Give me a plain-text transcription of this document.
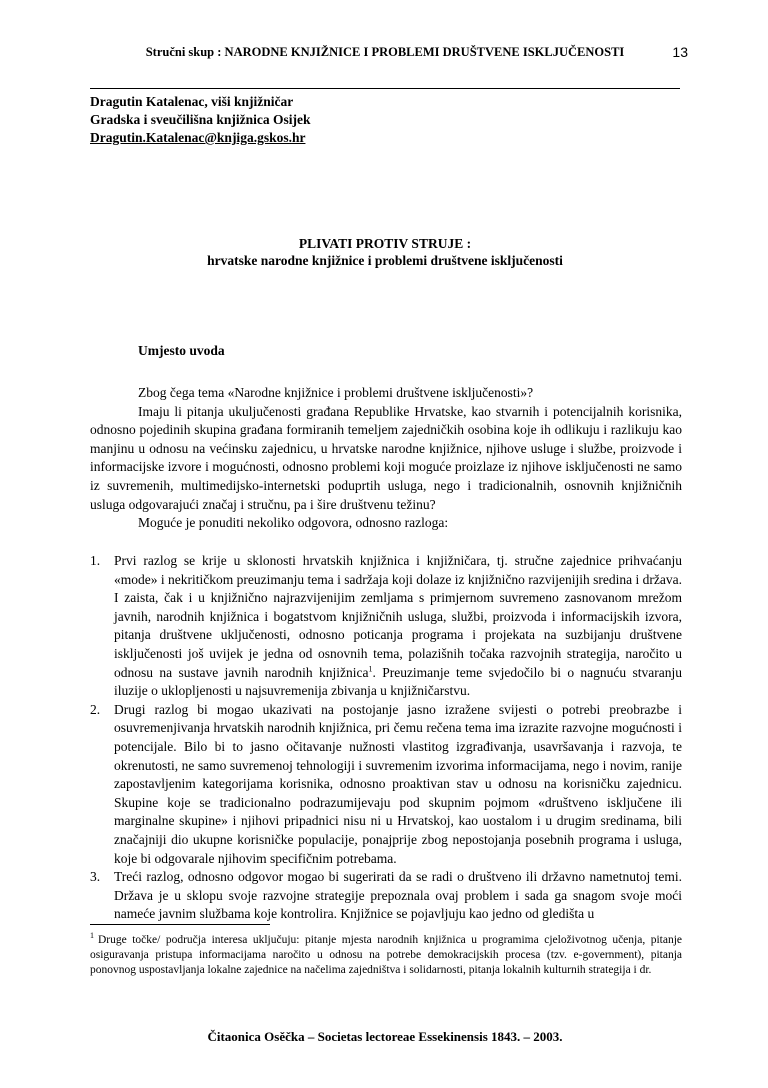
Stručni skup : NARODNE KNJIŽNICE I PROBLEMI DRUŠTVENE ISKLJUČENOSTI	13
Dragutin Katalenac, viši knjižničar
Gradska i sveučilišna knjižnica Osijek
Dragutin.Katalenac@knjiga.gskos.hr
PLIVATI PROTIV STRUJE :
hrvatske narodne knjižnice i problemi društvene isključenosti
Umjesto uvoda

Zbog čega tema «Narodne knjižnice i problemi društvene isključenosti»?

Imaju li pitanja ukuljučenosti građana Republike Hrvatske, kao stvarnih i potencijalnih korisnika, odnosno pojedinih skupina građana formiranih temeljem zajedničkih osobina koje ih odlikuju i razlikuju kao manjinu u odnosu na većinsku zajednicu, u hrvatske narodne knjižnice, njihove usluge i službe, proizvode i informacijske izvore i mogućnosti, odnosno problemi koji moguće proizlaze iz njihove isključenosti ne samo iz suvremenih, multimedijsko-internetski poduprtih usluga, nego i tradicionalnih, osnovnih knjižničnih usluga odgovarajući značaj i stručnu, pa i šire društvenu težinu?

Moguće je ponuditi nekoliko odgovora, odnosno razloga:

1.	Prvi razlog se krije u sklonosti hrvatskih knjižnica i knjižničara, tj. stručne zajednice prihvaćanju «mode» i nekritičkom preuzimanju tema i sadržaja koji dolaze iz knjižnično razvijenijih sredina i država. I zaista, čak i u knjižnično najrazvijenijim zemljama s primjernom suvremeno zasnovanom mrežom javnih, narodnih knjižnica i bogatstvom knjižničnih usluga, službi, proizvoda i informacijskih izvora, pitanja društvene uključenosti, odnosno poticanja programa i projekata na suzbijanju društvene isključenosti još uvijek je jedna od osnovnih tema, polazišnih točaka razvojnih strategija, naročito u odnosu na sustave javnih narodnih knjižnica$^1$. Preuzimanje teme svjedočilo bi o nagnuću stvaranju iluzije o uklopljenosti u najsuvremenija zbivanja u knjižničarstvu.
2.	Drugi razlog bi mogao ukazivati na postojanje jasno izražene svijesti o potrebi preobrazbe i osuvremenjivanja hrvatskih narodnih knjižnica, pri čemu rečena tema ima izrazite razvojne mogućnosti i potencijale. Bilo bi to jasno očitavanje nužnosti vlastitog izgrađivanja, usavršavanja i razvoja, te okrenutosti, ne samo suvremenoj tehnologiji i suvremenim izvorima informacijama, nego i novim, ranije zapostavljenim kategorijama korisnika, odnosno proaktivan stav u odnosu na korisničku zajednicu. Skupine koje se tradicionalno podrazumijevaju pod skupnim pojmom «društveno isključene ili marginalne skupine» i njihovi pripadnici nisu ni u Hrvatskoj, kao uostalom i u drugim sredinama, bili značajniji dio ukupne korisničke populacije, ponajprije zbog nepostojanja posebnih programa i usluga, koje bi odgovarale njihovim specifičnim potrebama.
3.	Treći razlog, odnosno odgovor mogao bi sugerirati da se radi o društveno ili državno nametnutoj temi. Država je u sklopu svoje razvojne strategije prepoznala ovaj problem i sada ga snagom svoje moći nameće javnim službama koje kontrolira. Knjižnice se pojavljuju kao jedno od gledišta u
$^1$ Druge točke/ područja interesa uključuju: pitanje mjesta narodnih knjižnica u programima cjeloživotnog učenja, pitanje osiguravanja pristupa informacijama naročito u odnosu na potrebe demokracijskih procesa (tzv. e-government), pitanja ponovnog uspostavljanja lokalne zajednice na načelima zajedništva i solidarnosti, pitanja lokalnih kulturnih strategija i dr.
Čitaonica Osěčka – Societas lectoreae Essekinensis 1843. – 2003.
